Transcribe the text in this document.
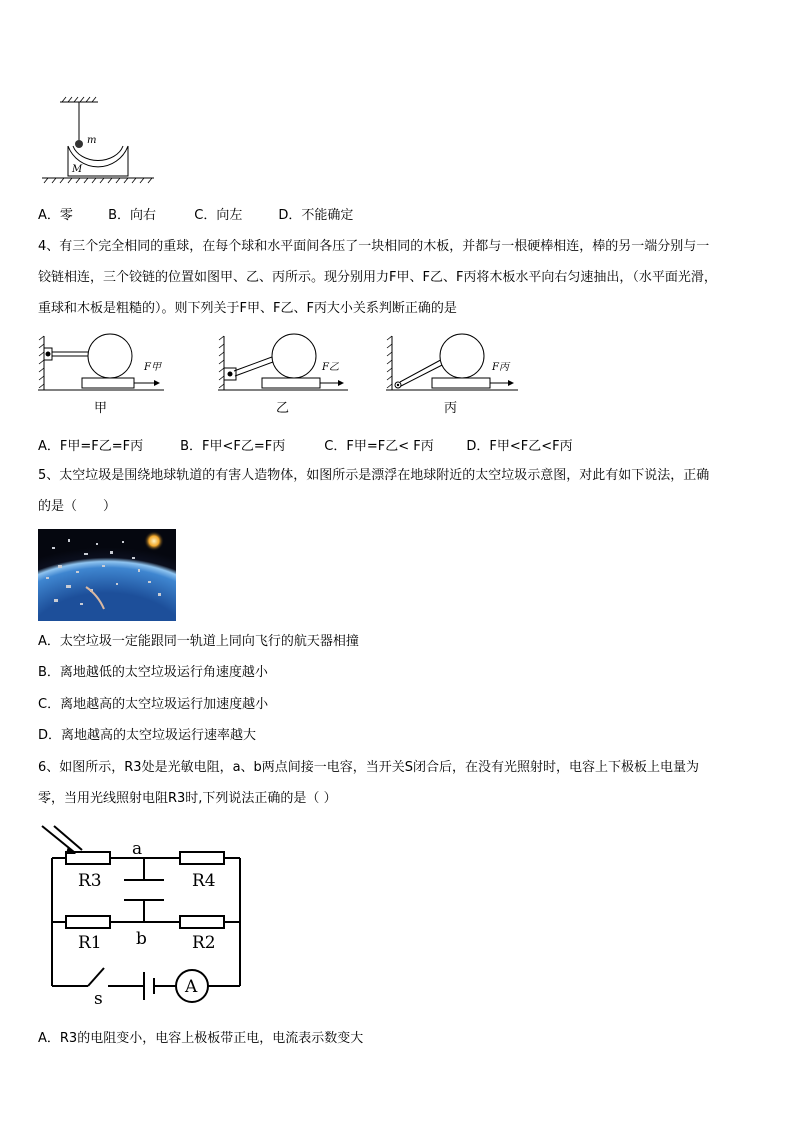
m
M
A．零	B．向右	C．向左	D．不能确定
4、有三个完全相同的重球，在每个球和水平面间各压了一块相同的木板，并都与一根硬棒相连，棒的另一端分别与一
铰链相连，三个铰链的位置如图甲、乙、丙所示。现分别用力F甲、F乙、F丙将木板水平向右匀速抽出，（水平面光滑，
重球和木板是粗糙的）。则下列关于F甲、F乙、F丙大小关系判断正确的是
F甲
甲
F乙
乙
F丙
丙
A．F甲=F乙=F丙	B．F甲<F乙=F丙	C．F甲=F乙< F丙	D．F甲<F乙<F丙
5、太空垃圾是围绕地球轨道的有害人造物体，如图所示是漂浮在地球附近的太空垃圾示意图，对此有如下说法，正确
的是（　　）
A．太空垃圾一定能跟同一轨道上同向飞行的航天器相撞
B．离地越低的太空垃圾运行角速度越小
C．离地越高的太空垃圾运行加速度越小
D．离地越高的太空垃圾运行速率越大
6、如图所示，R3处是光敏电阻，a、b两点间接一电容，当开关S闭合后，在没有光照射时，电容上下极板上电量为
零，当用光线照射电阻R3时,下列说法正确的是（ ）
a
R3	R4
R1 b	R2
s
A
A．R3的电阻变小，电容上极板带正电，电流表示数变大
